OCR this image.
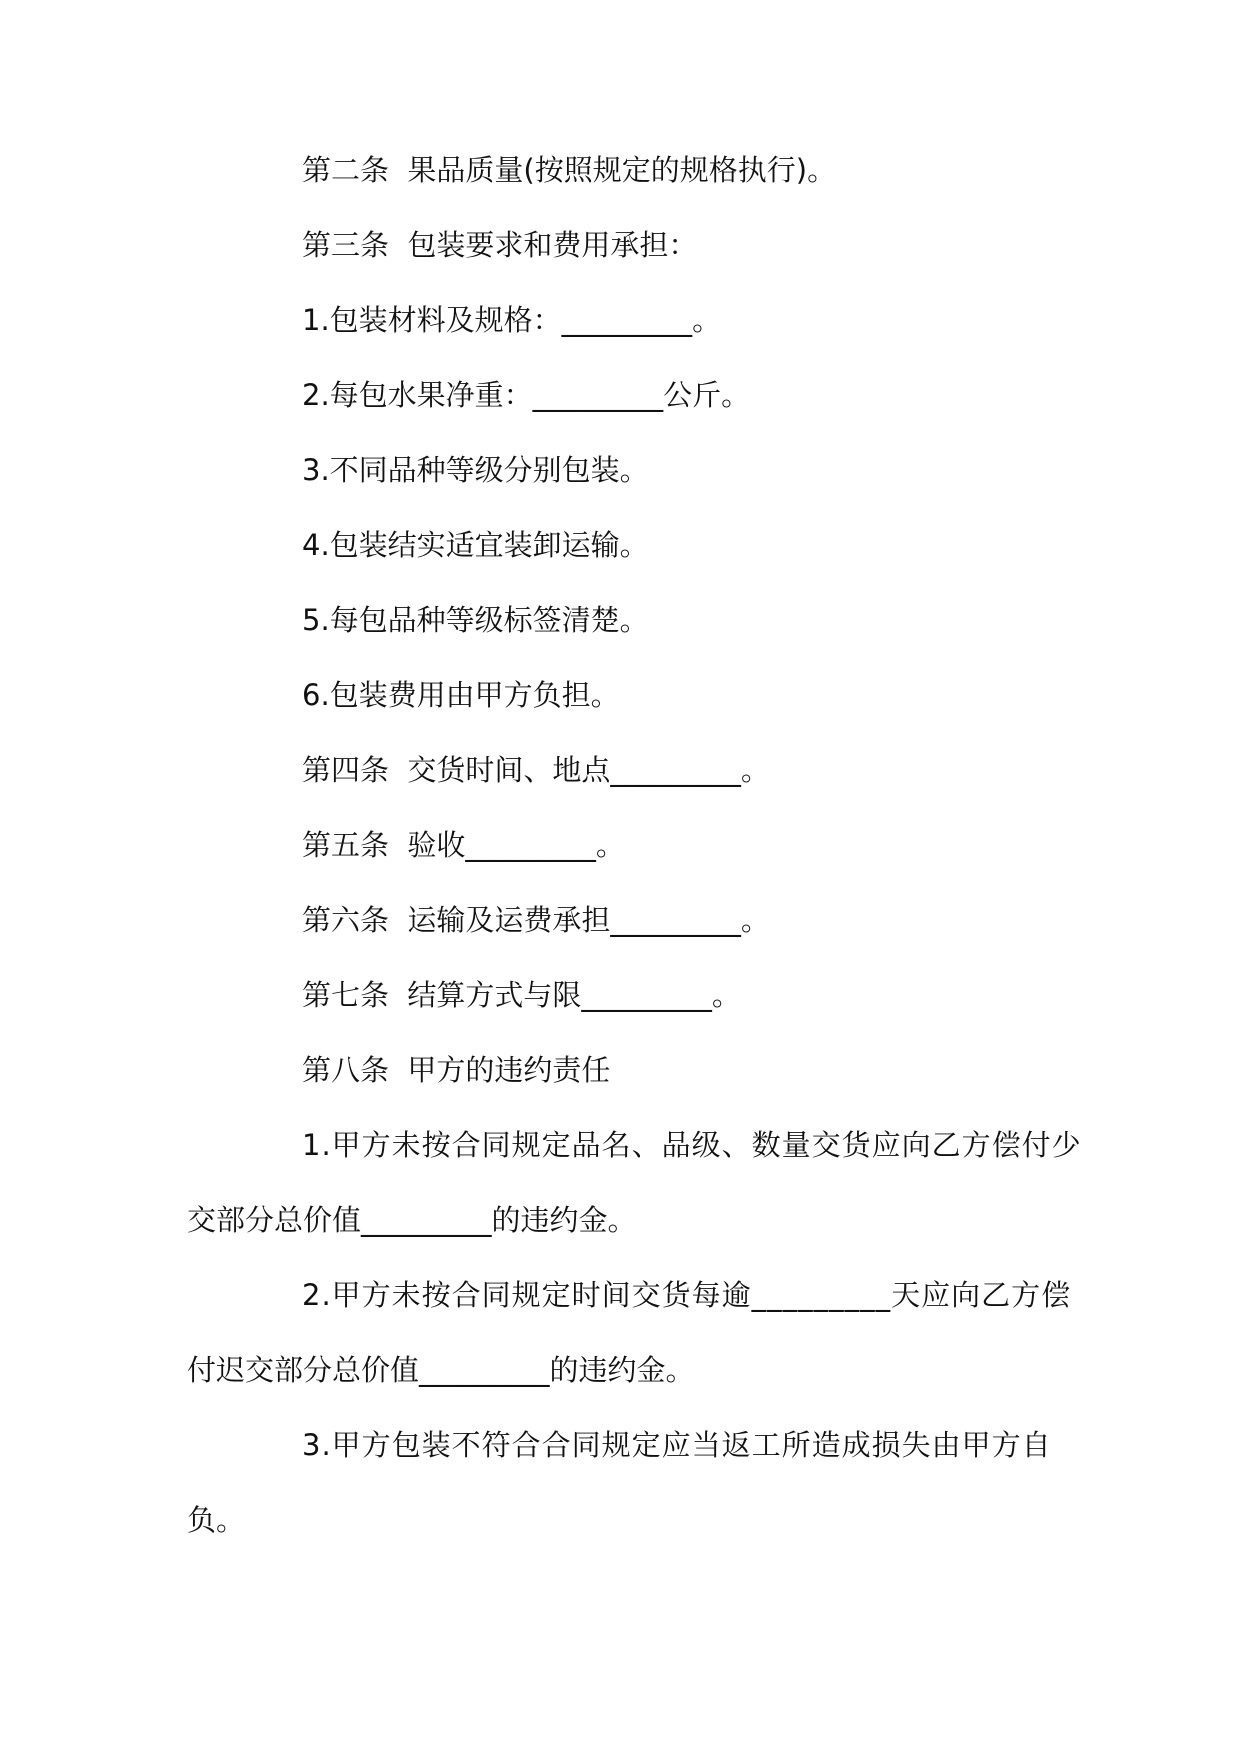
第二条  果品质量(按照规定的规格执行)。

第三条  包装要求和费用承担：

1.包装材料及规格：_________。

2.每包水果净重：_________公斤。

3.不同品种等级分别包装。

4.包装结实适宜装卸运输。

5.每包品种等级标签清楚。

6.包装费用由甲方负担。

第四条  交货时间、地点_________。

第五条  验收_________。

第六条  运输及运费承担_________。

第七条  结算方式与限_________。

第八条  甲方的违约责任

1.甲方未按合同规定品名、品级、数量交货应向乙方偿付少

交部分总价值_________的违约金。

2.甲方未按合同规定时间交货每逾_________天应向乙方偿

付迟交部分总价值_________的违约金。

3.甲方包装不符合合同规定应当返工所造成损失由甲方自

负。
